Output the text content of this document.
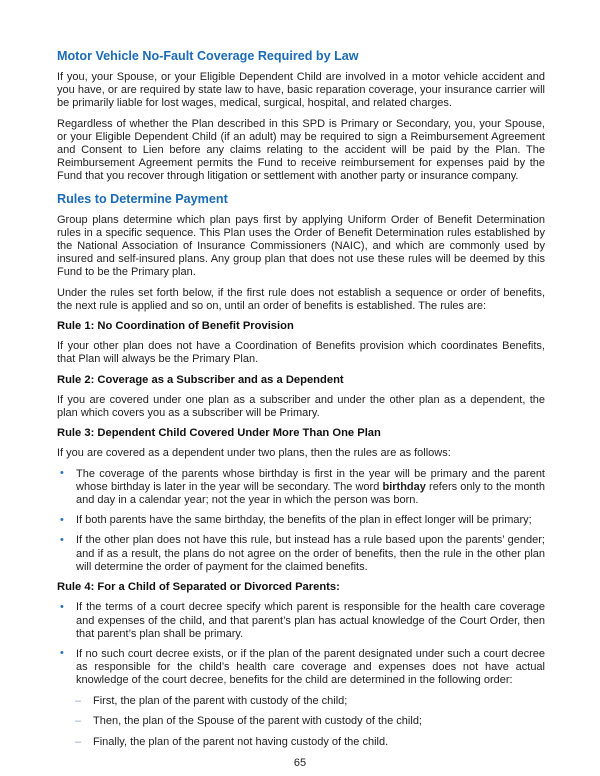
Motor Vehicle No-Fault Coverage Required by Law

If you, your Spouse, or your Eligible Dependent Child are involved in a motor vehicle accident and you have, or are required by state law to have, basic reparation coverage, your insurance carrier will be primarily liable for lost wages, medical, surgical, hospital, and related charges.

Regardless of whether the Plan described in this SPD is Primary or Secondary, you, your Spouse, or your Eligible Dependent Child (if an adult) may be required to sign a Reimbursement Agreement and Consent to Lien before any claims relating to the accident will be paid by the Plan. The Reimbursement Agreement permits the Fund to receive reimbursement for expenses paid by the Fund that you recover through litigation or settlement with another party or insurance company.

Rules to Determine Payment

Group plans determine which plan pays first by applying Uniform Order of Benefit Determination rules in a specific sequence. This Plan uses the Order of Benefit Determination rules established by the National Association of Insurance Commissioners (NAIC), and which are commonly used by insured and self-insured plans. Any group plan that does not use these rules will be deemed by this Fund to be the Primary plan.

Under the rules set forth below, if the first rule does not establish a sequence or order of benefits, the next rule is applied and so on, until an order of benefits is established. The rules are:

Rule 1: No Coordination of Benefit Provision

If your other plan does not have a Coordination of Benefits provision which coordinates Benefits, that Plan will always be the Primary Plan.

Rule 2: Coverage as a Subscriber and as a Dependent

If you are covered under one plan as a subscriber and under the other plan as a dependent, the plan which covers you as a subscriber will be Primary.

Rule 3: Dependent Child Covered Under More Than One Plan

If you are covered as a dependent under two plans, then the rules are as follows:

• The coverage of the parents whose birthday is first in the year will be primary and the parent whose birthday is later in the year will be secondary. The word birthday refers only to the month and day in a calendar year; not the year in which the person was born.
• If both parents have the same birthday, the benefits of the plan in effect longer will be primary;
• If the other plan does not have this rule, but instead has a rule based upon the parents’ gender; and if as a result, the plans do not agree on the order of benefits, then the rule in the other plan will determine the order of payment for the claimed benefits.
Rule 4: For a Child of Separated or Divorced Parents:
• If the terms of a court decree specify which parent is responsible for the health care coverage and expenses of the child, and that parent’s plan has actual knowledge of the Court Order, then that parent’s plan shall be primary.
• If no such court decree exists, or if the plan of the parent designated under such a court decree as responsible for the child’s health care coverage and expenses does not have actual knowledge of the court decree, benefits for the child are determined in the following order:
– First, the plan of the parent with custody of the child;
– Then, the plan of the Spouse of the parent with custody of the child;
– Finally, the plan of the parent not having custody of the child.
65
